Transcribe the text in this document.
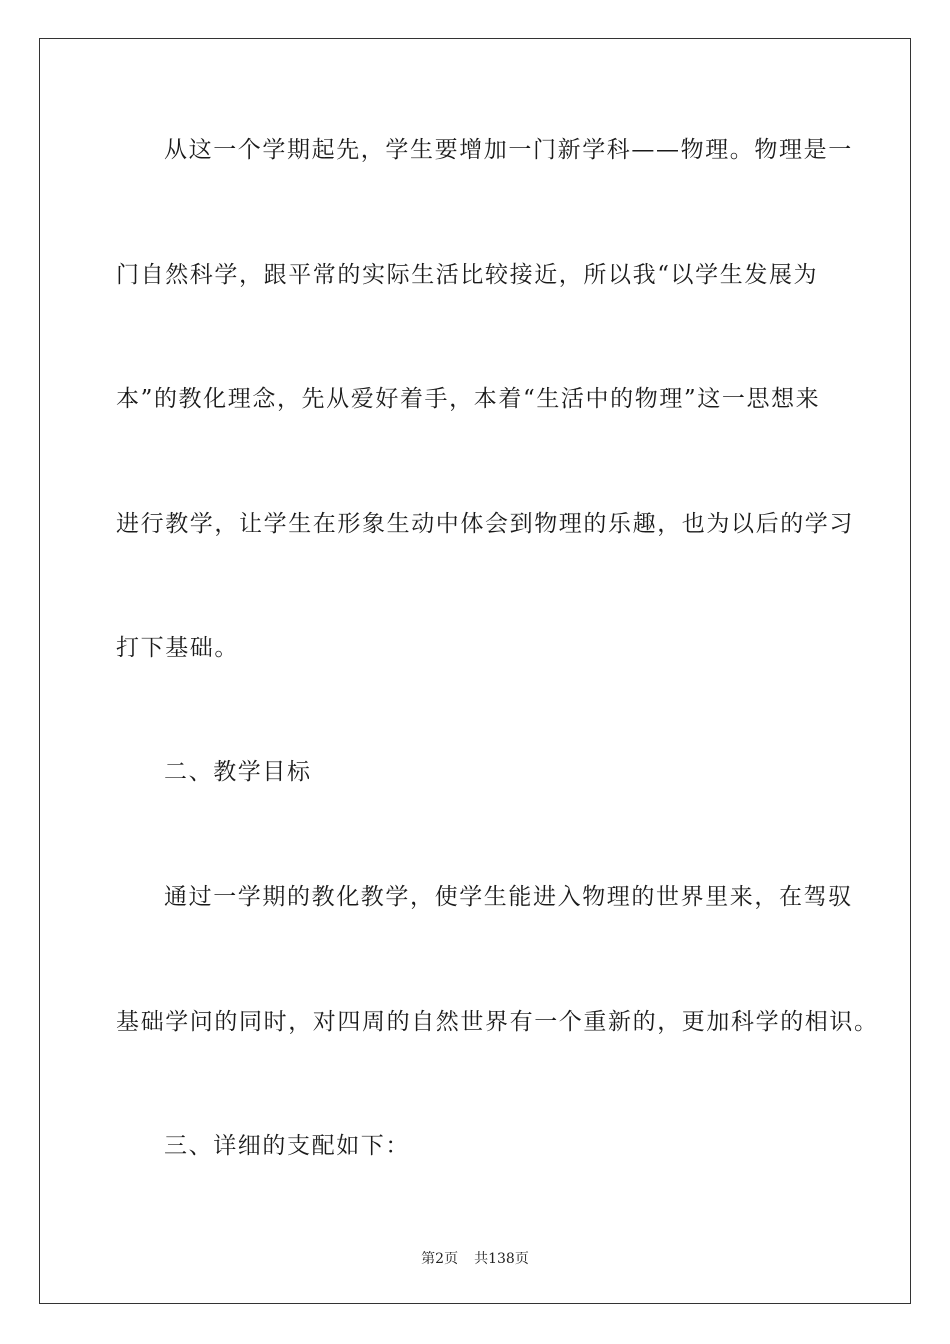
从这一个学期起先，学生要增加一门新学科——物理。物理是一
门自然科学，跟平常的实际生活比较接近，所以我“以学生发展为
本”的教化理念，先从爱好着手，本着“生活中的物理”这一思想来
进行教学，让学生在形象生动中体会到物理的乐趣，也为以后的学习
打下基础。
二、教学目标
通过一学期的教化教学，使学生能进入物理的世界里来，在驾驭
基础学问的同时，对四周的自然世界有一个重新的，更加科学的相识。
三、详细的支配如下：
第2页 共138页
